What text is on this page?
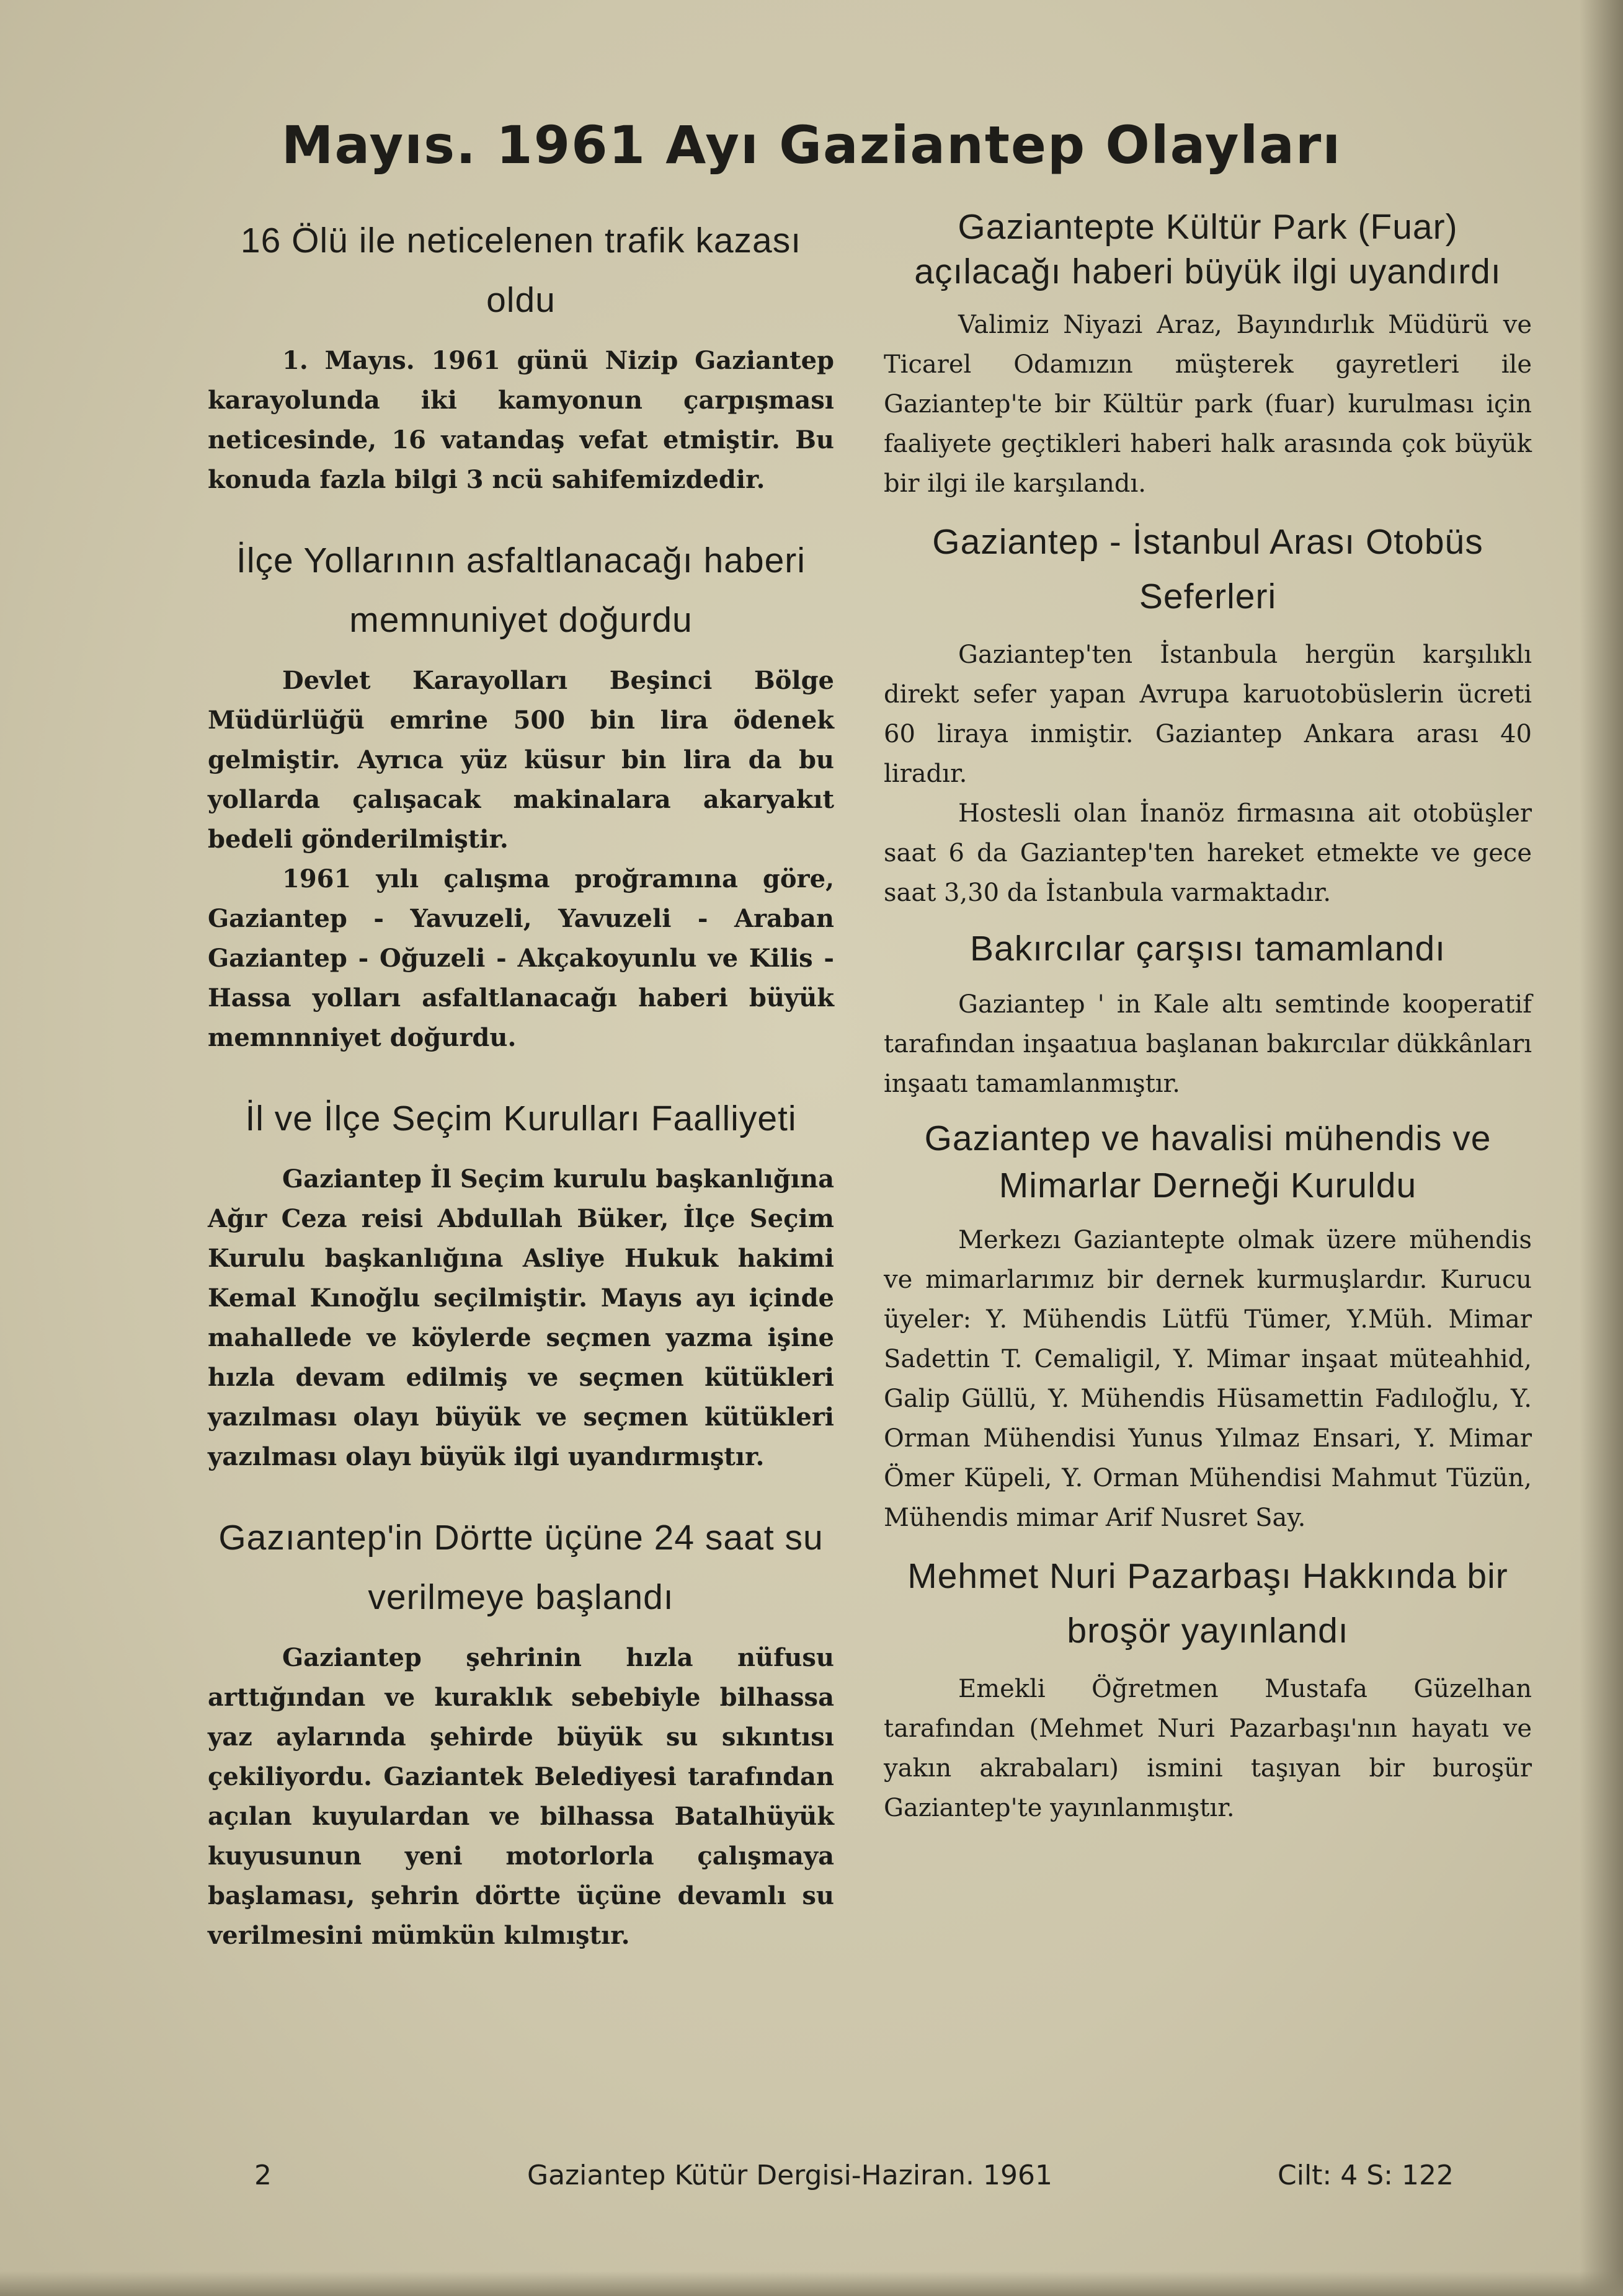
Mayıs. 1961 Ayı Gaziantep Olayları
16 Ölü ile neticelenen trafik kazası oldu

1. Mayıs. 1961 günü Nizip Gaziantep karayolunda iki kamyonun çarpışması neticesinde, 16 vatandaş vefat etmiştir. Bu konuda fazla bilgi 3 ncü sahifemizdedir.

İlçe Yollarının asfaltlanacağı haberi memnuniyet doğurdu

Devlet Karayolları Beşinci Bölge Müdürlüğü emrine 500 bin lira ödenek gelmiştir. Ayrıca yüz küsur bin lira da bu yollarda çalışacak makinalara akaryakıt bedeli gönderilmiştir.

1961 yılı çalışma proğramına göre, Gaziantep - Yavuzeli, Yavuzeli - Araban Gaziantep - Oğuzeli - Akçakoyunlu ve Kilis - Hassa yolları asfaltlanacağı haberi büyük memnnniyet doğurdu.

İl ve İlçe Seçim Kurulları Faalliyeti

Gaziantep İl Seçim kurulu başkanlığına Ağır Ceza reisi Abdullah Büker, İlçe Seçim Kurulu başkanlığına Asliye Hukuk hakimi Kemal Kınoğlu seçilmiştir. Mayıs ayı içinde mahallede ve köylerde seçmen yazma işine hızla devam edilmiş ve seçmen kütükleri yazılması olayı büyük ve seçmen kütükleri yazılması olayı büyük ilgi uyandırmıştır.

Gazıantep'in Dörtte üçüne 24 saat su verilmeye başlandı

Gaziantep şehrinin hızla nüfusu arttığından ve kuraklık sebebiyle bilhassa yaz aylarında şehirde büyük su sıkıntısı çekiliyordu. Gaziantek Belediyesi tarafından açılan kuyulardan ve bilhassa Batalhüyük kuyusunun yeni motorlorla çalışmaya başlaması, şehrin dörtte üçüne devamlı su verilmesini mümkün kılmıştır.

Gaziantepte Kültür Park (Fuar) açılacağı haberi büyük ilgi uyandırdı

Valimiz Niyazi Araz, Bayındırlık Müdürü ve Ticarel Odamızın müşterek gayretleri ile Gaziantep'te bir Kültür park (fuar) kurulması için faaliyete geçtikleri haberi halk arasında çok büyük bir ilgi ile karşılandı.

Gaziantep - İstanbul Arası Otobüs Seferleri

Gaziantep'ten İstanbula hergün karşılıklı direkt sefer yapan Avrupa karuotobüslerin ücreti 60 liraya inmiştir. Gaziantep Ankara arası 40 liradır.

Hostesli olan İnanöz firmasına ait otobüşler saat 6 da Gaziantep'ten hareket etmekte ve gece saat 3,30 da İstanbula varmaktadır.

Bakırcılar çarşısı tamamlandı

Gaziantep ' in Kale altı semtinde kooperatif tarafından inşaatıua başlanan bakırcılar dükkânları inşaatı tamamlanmıştır.

Gaziantep ve havalisi mühendis ve Mimarlar Derneği Kuruldu

Merkezı Gaziantepte olmak üzere mühendis ve mimarlarımız bir dernek kurmuşlardır. Kurucu üyeler: Y. Mühendis Lütfü Tümer, Y.Müh. Mimar Sadettin T. Cemaligil, Y. Mimar inşaat müteahhid, Galip Güllü, Y. Mühendis Hüsamettin Fadıloğlu, Y. Orman Mühendisi Yunus Yılmaz Ensari, Y. Mimar Ömer Küpeli, Y. Orman Mühendisi Mahmut Tüzün, Mühendis mimar Arif Nusret Say.

Mehmet Nuri Pazarbaşı Hakkında bir broşör yayınlandı

Emekli Öğretmen Mustafa Güzelhan tarafından (Mehmet Nuri Pazarbaşı'nın hayatı ve yakın akrabaları) ismini taşıyan bir buroşür Gaziantep'te yayınlanmıştır.

2	Gaziantep Kütür Dergisi-Haziran. 1961	Cilt: 4 S: 122
